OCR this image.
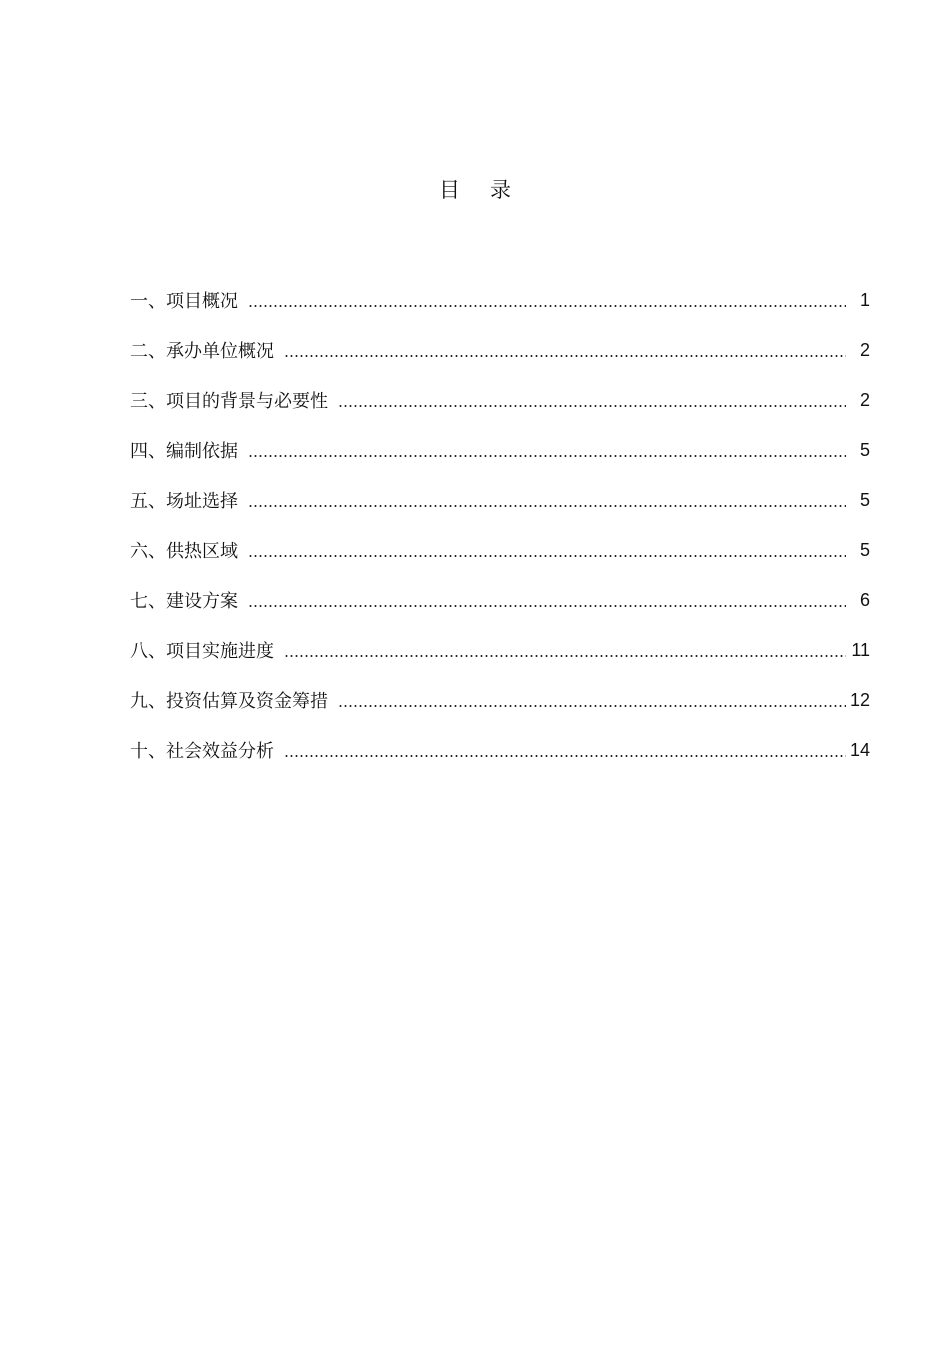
目 录
一、项目概况	1
二、承办单位概况	2
三、项目的背景与必要性	2
四、编制依据	5
五、场址选择	5
六、供热区域	5
七、建设方案	6
八、项目实施进度	11
九、投资估算及资金筹措	12
十、社会效益分析	14
